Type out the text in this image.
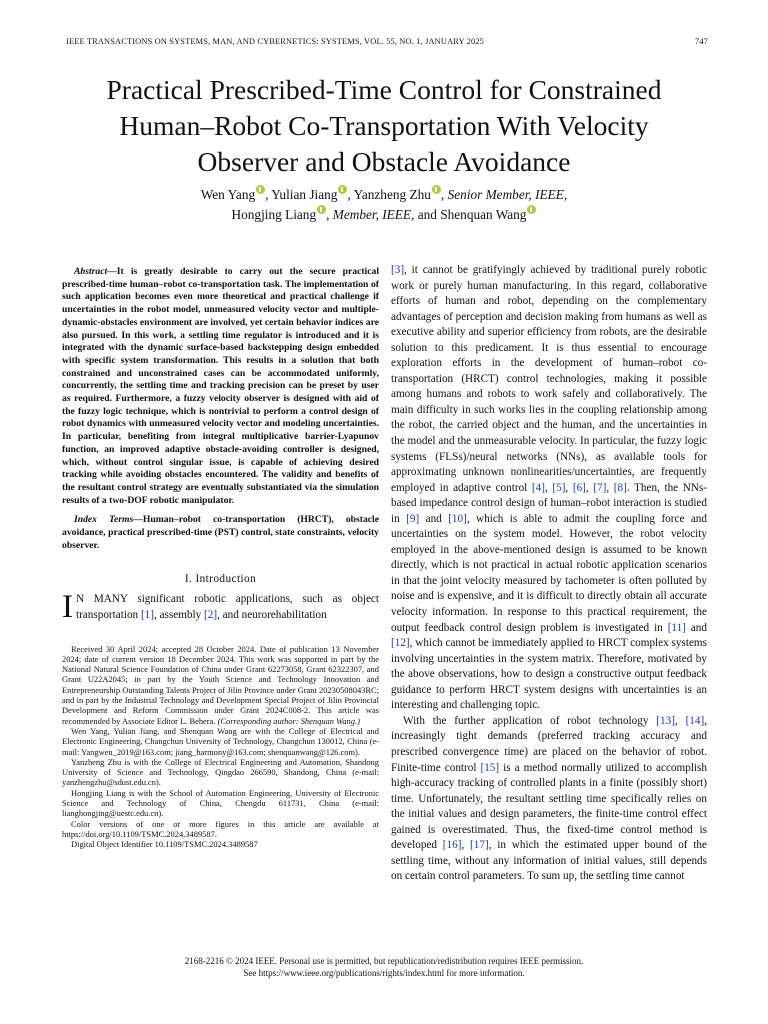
IEEE TRANSACTIONS ON SYSTEMS, MAN, AND CYBERNETICS: SYSTEMS, VOL. 55, NO. 1, JANUARY 2025	747
Practical Prescribed-Time Control for Constrained
Human–Robot Co-Transportation With Velocity
Observer and Obstacle Avoidance
Wen Yang , Yulian Jiang , Yanzheng Zhu , Senior Member, IEEE,
Hongjing Liang , Member, IEEE, and Shenquan Wang

Abstract—It is greatly desirable to carry out the secure practical prescribed-time human–robot co-transportation task. The implementation of such application becomes even more theoretical and practical challenge if uncertainties in the robot model, unmeasured velocity vector and multiple-dynamic-obstacles environment are involved, yet certain behavior indices are also pursued. In this work, a settling time regulator is introduced and it is integrated with the dynamic surface-based backstepping design embedded with specific system transformation. This results in a solution that both constrained and unconstrained cases can be accommodated uniformly, concurrently, the settling time and tracking precision can be preset by user as required. Furthermore, a fuzzy velocity observer is designed with aid of the fuzzy logic technique, which is nontrivial to perform a control design of robot dynamics with unmeasured velocity vector and modeling uncertainties. In particular, benefiting from integral multiplicative barrier-Lyapunov function, an improved adaptive obstacle-avoiding controller is designed, which, without control singular issue, is capable of achieving desired tracking while avoiding obstacles encountered. The validity and benefits of the resultant control strategy are eventually substantiated via the simulation results of a two-DOF robotic manipulator.

Index Terms—Human–robot co-transportation (HRCT), obstacle avoidance, practical prescribed-time (PST) control, state constraints, velocity observer.

I. Introduction

I N MANY significant robotic applications, such as object transportation [1], assembly [2], and neurorehabilitation

Received 30 April 2024; accepted 28 October 2024. Date of publication 13 November 2024; date of current version 18 December 2024. This work was supported in part by the National Natural Science Foundation of China under Grant 62273058, Grant 62322307, and Grant U22A2045; in part by the Youth Science and Technology Innovation and Entrepreneurship Outstanding Talents Project of Jilin Province under Grant 20230508043RC; and in part by the Industrial Technology and Development Special Project of Jilin Provincial Development and Reform Commission under Grant 2024C008-2. This article was recommended by Associate Editor L. Behera. (Corresponding author: Shenquan Wang.)

Wen Yang, Yulian Jiang, and Shenquan Wang are with the College of Electrical and Electronic Engineering, Changchun University of Technology, Changchun 130012, China (e-mail: Yangwen_2019@163.com; jiang_harmony@163.com; shenquanwang@126.com).

Yanzheng Zhu is with the College of Electrical Engineering and Automation, Shandong University of Science and Technology, Qingdao 266590, Shandong, China (e-mail: yanzhengzhu@sdust.edu.cn).

Hongjing Liang is with the School of Automation Engineering, University of Electronic Science and Technology of China, Chengdu 611731, China (e-mail: lianghongjing@uestc.edu.cn).

Color versions of one or more figures in this article are available at https://doi.org/10.1109/TSMC.2024.3489587.

Digital Object Identifier 10.1109/TSMC.2024.3489587

[3], it cannot be gratifyingly achieved by traditional purely robotic work or purely human manufacturing. In this regard, collaborative efforts of human and robot, depending on the complementary advantages of perception and decision making from humans as well as executive ability and superior efficiency from robots, are the desirable solution to this predicament. It is thus essential to encourage exploration efforts in the development of human–robot co-transportation (HRCT) control technologies, making it possible among humans and robots to work safely and collaboratively. The main difficulty in such works lies in the coupling relationship among the robot, the carried object and the human, and the uncertainties in the model and the unmeasurable velocity. In particular, the fuzzy logic systems (FLSs)/neural networks (NNs), as available tools for approximating unknown nonlinearities/uncertainties, are frequently employed in adaptive control [4], [5], [6], [7], [8]. Then, the NNs-based impedance control design of human–robot interaction is studied in [9] and [10], which is able to admit the coupling force and uncertainties on the system model. However, the robot velocity employed in the above-mentioned design is assumed to be known directly, which is not practical in actual robotic application scenarios in that the joint velocity measured by tachometer is often polluted by noise and is expensive, and it is difficult to directly obtain all accurate velocity information. In response to this practical requirement, the output feedback control design problem is investigated in [11] and [12], which cannot be immediately applied to HRCT complex systems involving uncertainties in the system matrix. Therefore, motivated by the above observations, how to design a constructive output feedback guidance to perform HRCT system designs with uncertainties is an interesting and challenging topic.

With the further application of robot technology [13], [14], increasingly tight demands (preferred tracking accuracy and prescribed convergence time) are placed on the behavior of robot. Finite-time control [15] is a method normally utilized to accomplish high-accuracy tracking of controlled plants in a finite (possibly short) time. Unfortunately, the resultant settling time specifically relies on the initial values and design parameters, the finite-time control effect gained is overestimated. Thus, the fixed-time control method is developed [16], [17], in which the estimated upper bound of the settling time, without any information of initial values, still depends on certain control parameters. To sum up, the settling time cannot

2168-2216 © 2024 IEEE. Personal use is permitted, but republication/redistribution requires IEEE permission.
See https://www.ieee.org/publications/rights/index.html for more information.
